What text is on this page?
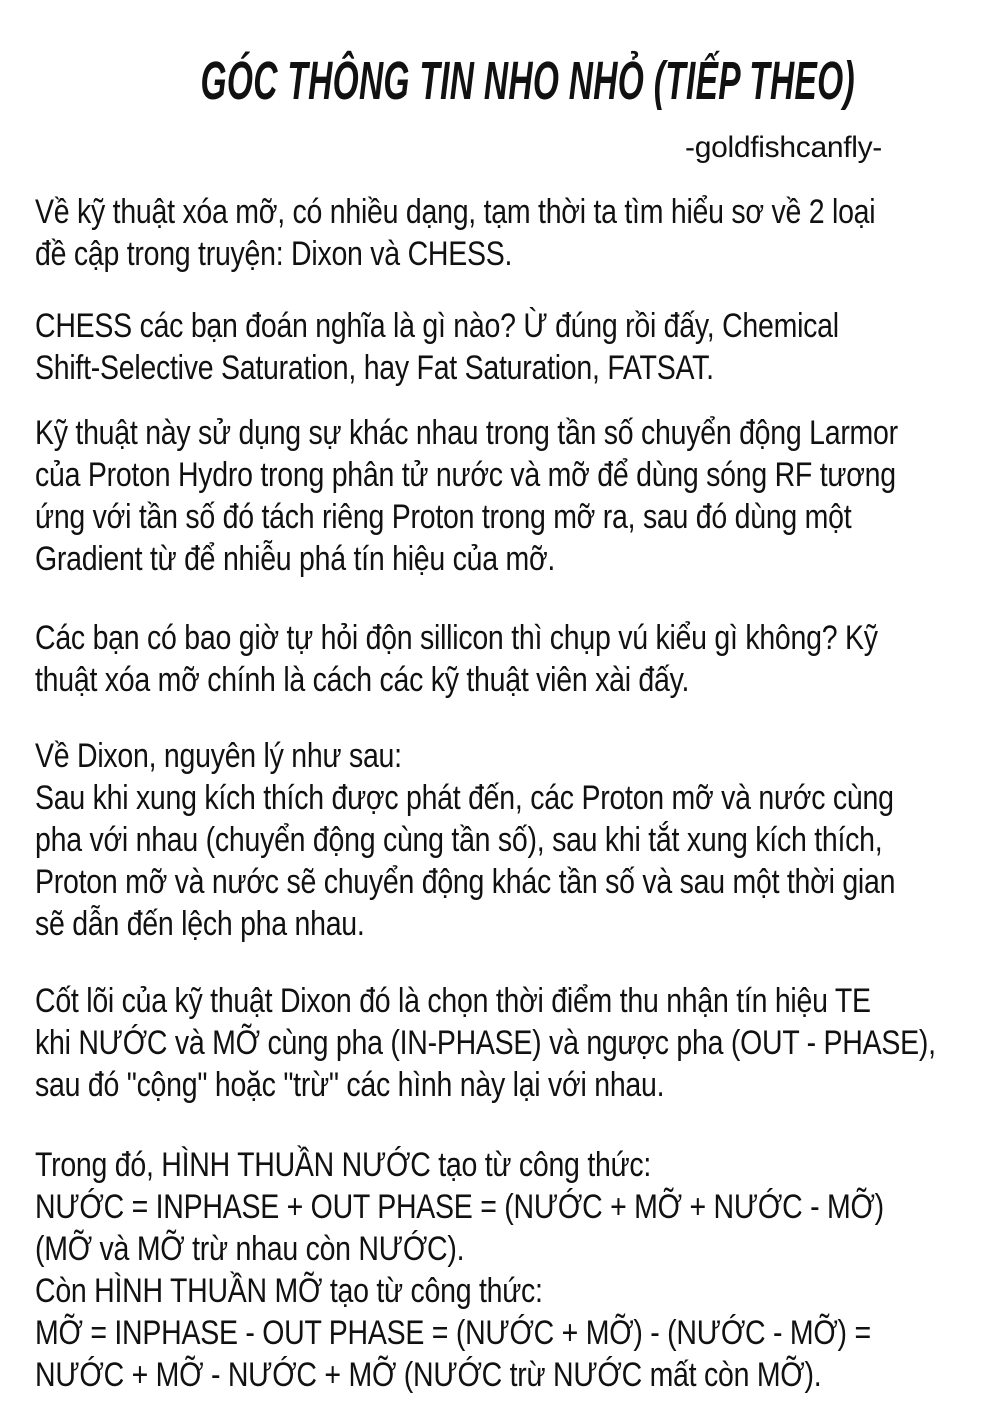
GÓC THÔNG TIN NHO NHỎ (TIẾP THEO)
-goldfishcanfly-
Về kỹ thuật xóa mỡ, có nhiều dạng, tạm thời ta tìm hiểu sơ về 2 loại
đề cập trong truyện: Dixon và CHESS.
CHESS các bạn đoán nghĩa là gì nào? Ừ đúng rồi đấy, Chemical
Shift-Selective Saturation, hay Fat Saturation, FATSAT.
Kỹ thuật này sử dụng sự khác nhau trong tần số chuyển động Larmor
của Proton Hydro trong phân tử nước và mỡ để dùng sóng RF tương
ứng với tần số đó tách riêng Proton trong mỡ ra, sau đó dùng một
Gradient từ để nhiễu phá tín hiệu của mỡ.
Các bạn có bao giờ tự hỏi độn sillicon thì chụp vú kiểu gì không? Kỹ
thuật xóa mỡ chính là cách các kỹ thuật viên xài đấy.
Về Dixon, nguyên lý như sau:
Sau khi xung kích thích được phát đến, các Proton mỡ và nước cùng
pha với nhau (chuyển động cùng tần số), sau khi tắt xung kích thích,
Proton mỡ và nước sẽ chuyển động khác tần số và sau một thời gian
sẽ dẫn đến lệch pha nhau.
Cốt lõi của kỹ thuật Dixon đó là chọn thời điểm thu nhận tín hiệu TE
khi NƯỚC và MỠ cùng pha (IN-PHASE) và ngược pha (OUT - PHASE),
sau đó "cộng" hoặc "trừ" các hình này lại với nhau.
Trong đó, HÌNH THUẦN NƯỚC tạo từ công thức:
NƯỚC = INPHASE + OUT PHASE = (NƯỚC + MỠ + NƯỚC - MỠ)
(MỠ và MỠ trừ nhau còn NƯỚC).
Còn HÌNH THUẦN MỠ tạo từ công thức:
MỠ = INPHASE - OUT PHASE = (NƯỚC + MỠ) - (NƯỚC - MỠ) =
NƯỚC + MỠ - NƯỚC + MỠ (NƯỚC trừ NƯỚC mất còn MỠ).
